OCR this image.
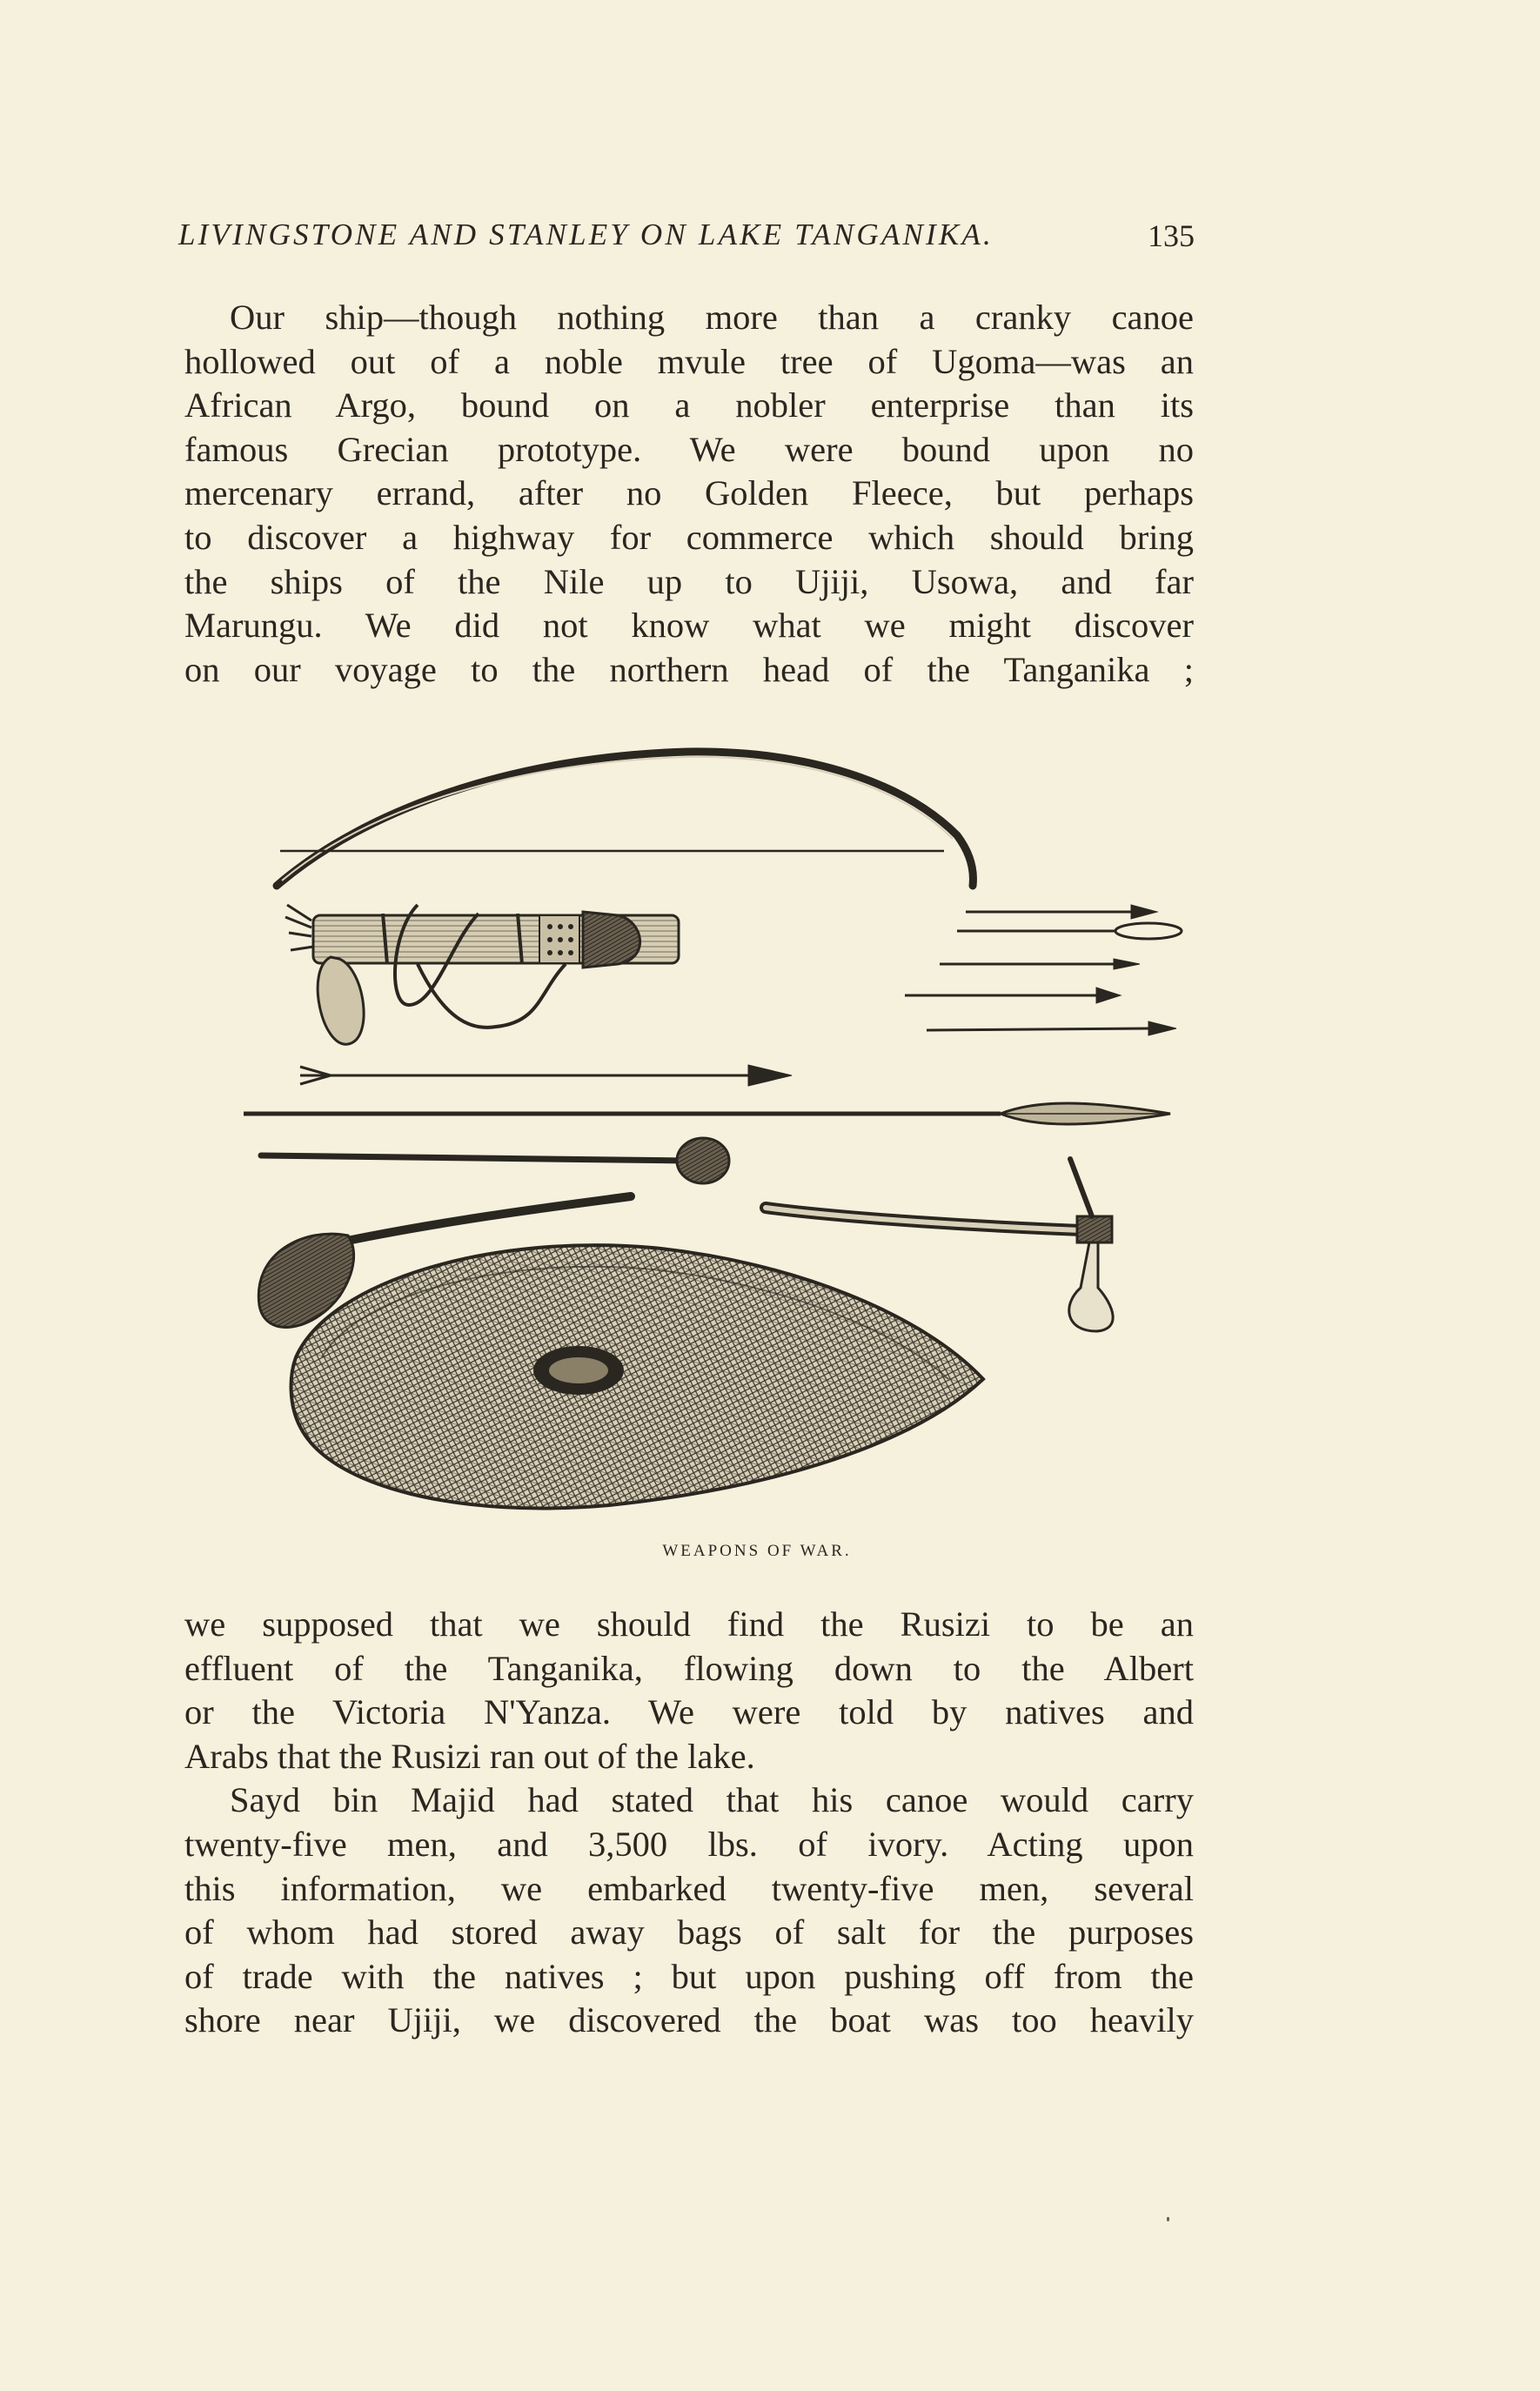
LIVINGSTONE AND STANLEY ON LAKE TANGANIKA.	135
Our ship—though nothing more than a cranky canoe
hollowed out of a noble mvule tree of Ugoma—was an
African Argo, bound on a nobler enterprise than its
famous Grecian prototype. We were bound upon no
mercenary errand, after no Golden Fleece, but perhaps
to discover a highway for commerce which should bring
the ships of the Nile up to Ujiji, Usowa, and far
Marungu. We did not know what we might discover
on our voyage to the northern head of the Tanganika ;
WEAPONS OF WAR.
we supposed that we should find the Rusizi to be an
effluent of the Tanganika, flowing down to the Albert
or the Victoria N'Yanza. We were told by natives and
Arabs that the Rusizi ran out of the lake.
Sayd bin Majid had stated that his canoe would carry
twenty-five men, and 3,500 lbs. of ivory. Acting upon
this information, we embarked twenty-five men, several
of whom had stored away bags of salt for the purposes
of trade with the natives ; but upon pushing off from the
shore near Ujiji, we discovered the boat was too heavily
